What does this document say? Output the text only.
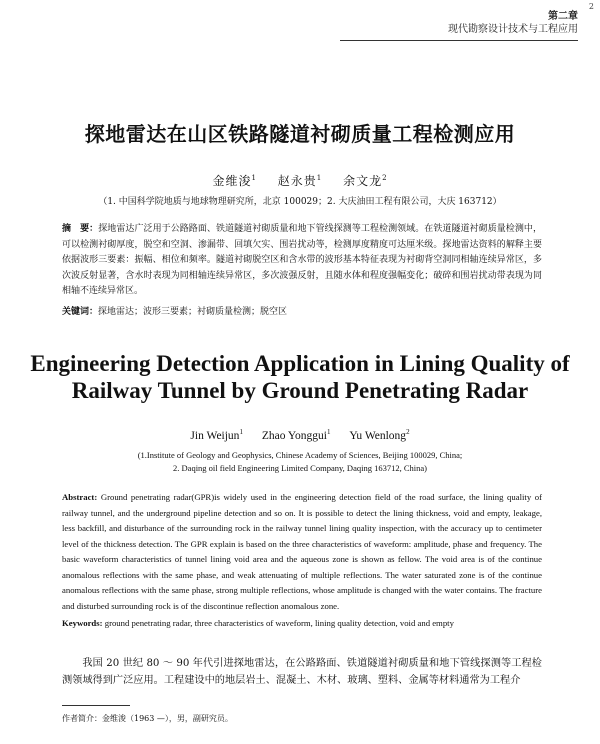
2
第二章
现代勘察设计技术与工程应用
探地雷达在山区铁路隧道衬砌质量工程检测应用
金维浚$^1$ 赵永贵$^1$ 余文龙$^2$
（1. 中国科学院地质与地球物理研究所，北京 100029；2. 大庆油田工程有限公司，大庆 163712）
摘　要：探地雷达广泛用于公路路面、铁道隧道衬砌质量和地下管线探测等工程检测领域。在铁道隧道衬砌质量检测中，可以检测衬砌厚度，脱空和空洞、渗漏带、回填欠实、围岩扰动等，检测厚度精度可达厘米级。探地雷达资料的解释主要依据波形三要素：振幅、相位和频率。隧道衬砌脱空区和含水带的波形基本特征表现为衬砌背空洞同相轴连续异常区，多次波反射显著，含水时表现为同相轴连续异常区，多次波强反射，且随水体和程度强幅变化；破碎和围岩扰动带表现为同相轴不连续异常区。
关键词：探地雷达；波形三要素；衬砌质量检测；脱空区
Engineering Detection Application in Lining Quality of
Railway Tunnel by Ground Penetrating Radar
Jin Weijun$^1$ Zhao Yonggui$^1$ Yu Wenlong$^2$
(1.Institute of Geology and Geophysics, Chinese Academy of Sciences, Beijing 100029, China;
2. Daqing oil field Engineering Limited Company, Daqing 163712, China)
Abstract: Ground penetrating radar(GPR)is widely used in the engineering detection field of the road surface, the lining quality of railway tunnel, and the underground pipeline detection and so on. It is possible to detect the lining thickness, void and empty, leakage, less backfill, and disturbance of the surrounding rock in the railway tunnel lining quality inspection, with the accuracy up to centimeter level of the thickness detection. The GPR explain is based on the three characteristics of waveform: amplitude, phase and frequency. The basic waveform characteristics of tunnel lining void area and the aqueous zone is shown as fellow. The void area is of the continue anomalous reflections with the same phase, and weak attenuating of multiple reflections. The water saturated zone is of the continue anomalous reflections with the same phase, strong multiple reflections, whose amplitude is changed with the water contains. The fracture and disturbed surrounding rock is of the discontinue reflection anomalous zone.
Keywords: ground penetrating radar, three characteristics of waveform, lining quality detection, void and empty
我国 20 世纪 80 ～ 90 年代引进探地雷达，在公路路面、铁道隧道衬砌质量和地下管线探测等工程检测领域得到广泛应用。工程建设中的地层岩土、混凝土、木材、玻璃、塑料、金属等材料通常为工程介
作者简介：金维浚（1963 —），男，副研究员。
